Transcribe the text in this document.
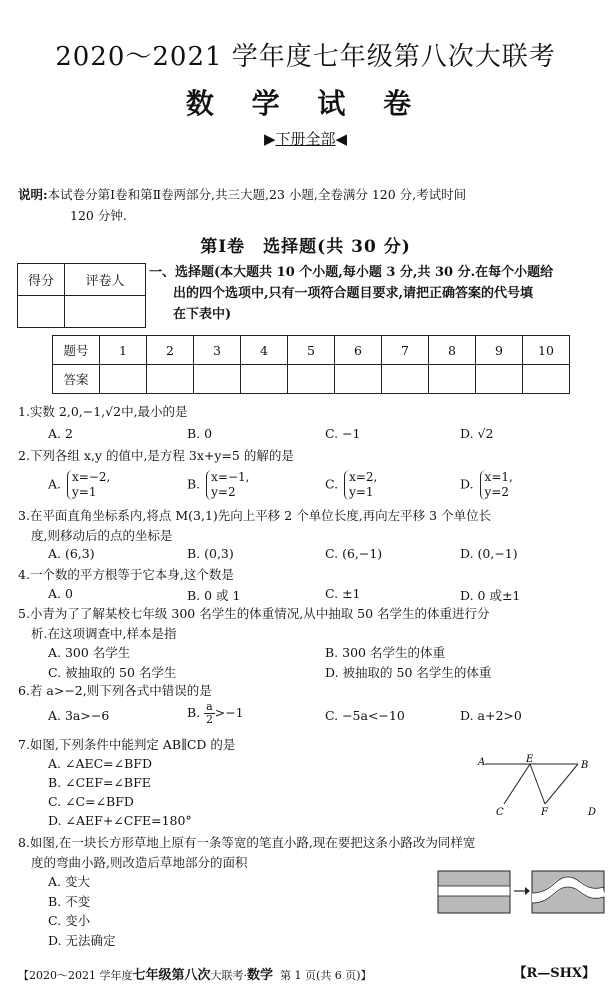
2020～2021 学年度七年级第八次大联考
数 学 试 卷
▶下册全部◀
说明:本试卷分第Ⅰ卷和第Ⅱ卷两部分,共三大题,23 小题,全卷满分 120 分,考试时间
120 分钟.
第Ⅰ卷　选择题(共 30 分)
得分	评卷人

一、选择题(本大题共 10 个小题,每小题 3 分,共 30 分.在每个小题给
出的四个选项中,只有一项符合题目要求,请把正确答案的代号填
在下表中)
题号	1	2	3	4	5	6	7	8	9	10
答案										
1.实数 2,0,−1,√2中,最小的是
A. 2	B. 0	C. −1	D. √2
2.下列各组 x,y 的值中,是方程 3x+y=5 的解的是
A. x=−2,
y=1
B. x=−1,
y=2
C. x=2,
y=1
D. x=1,
y=2
3.在平面直角坐标系内,将点 M(3,1)先向上平移 2 个单位长度,再向左平移 3 个单位长
度,则移动后的点的坐标是
A. (6,3)	B. (0,3)	C. (6,−1)	D. (0,−1)
4.一个数的平方根等于它本身,这个数是
A. 0	B. 0 或 1	C. ±1	D. 0 或±1
5.小青为了了解某校七年级 300 名学生的体重情况,从中抽取 50 名学生的体重进行分
析.在这项调查中,样本是指
A. 300 名学生	B. 300 名学生的体重
C. 被抽取的 50 名学生	D. 被抽取的 50 名学生的体重
6.若 a>−2,则下列各式中错误的是
A. 3a>−6	B. $\frac{a}{2}>-1$	C. −5a<−10	D. a+2>0
7.如图,下列条件中能判定 AB∥CD 的是
A. ∠AEC=∠BFD
B. ∠CEF=∠BFE
C. ∠C=∠BFD
D. ∠AEF+∠CFE=180°
A	E
B
C	F	D
8.如图,在一块长方形草地上原有一条等宽的笔直小路,现在要把这条小路改为同样宽
度的弯曲小路,则改造后草地部分的面积
A. 变大
B. 不变
C. 变小
D. 无法确定
【2020～2021 学年度七年级第八次大联考·数学 第 1 页(共 6 页)】	【R—SHX】
